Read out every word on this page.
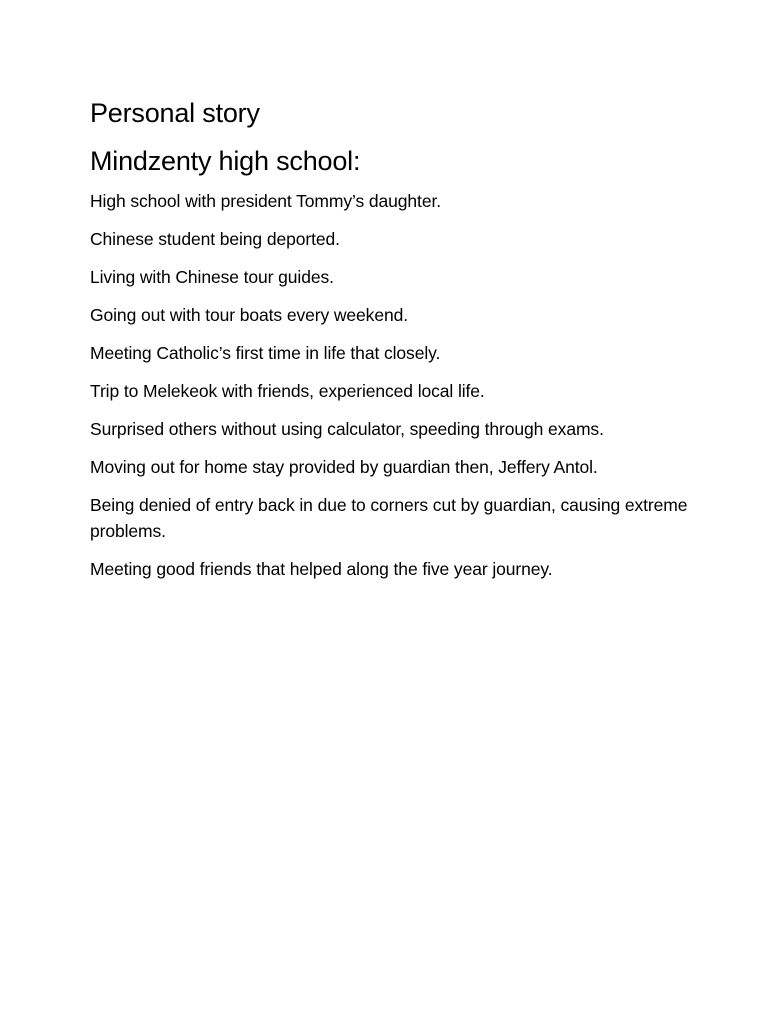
Personal story
Mindzenty high school:
High school with president Tommy’s daughter.
Chinese student being deported.
Living with Chinese tour guides.
Going out with tour boats every weekend.
Meeting Catholic’s first time in life that closely.
Trip to Melekeok with friends, experienced local life.
Surprised others without using calculator, speeding through exams.
Moving out for home stay provided by guardian then, Jeffery Antol.
Being denied of entry back in due to corners cut by guardian, causing extreme problems.
Meeting good friends that helped along the five year journey.
